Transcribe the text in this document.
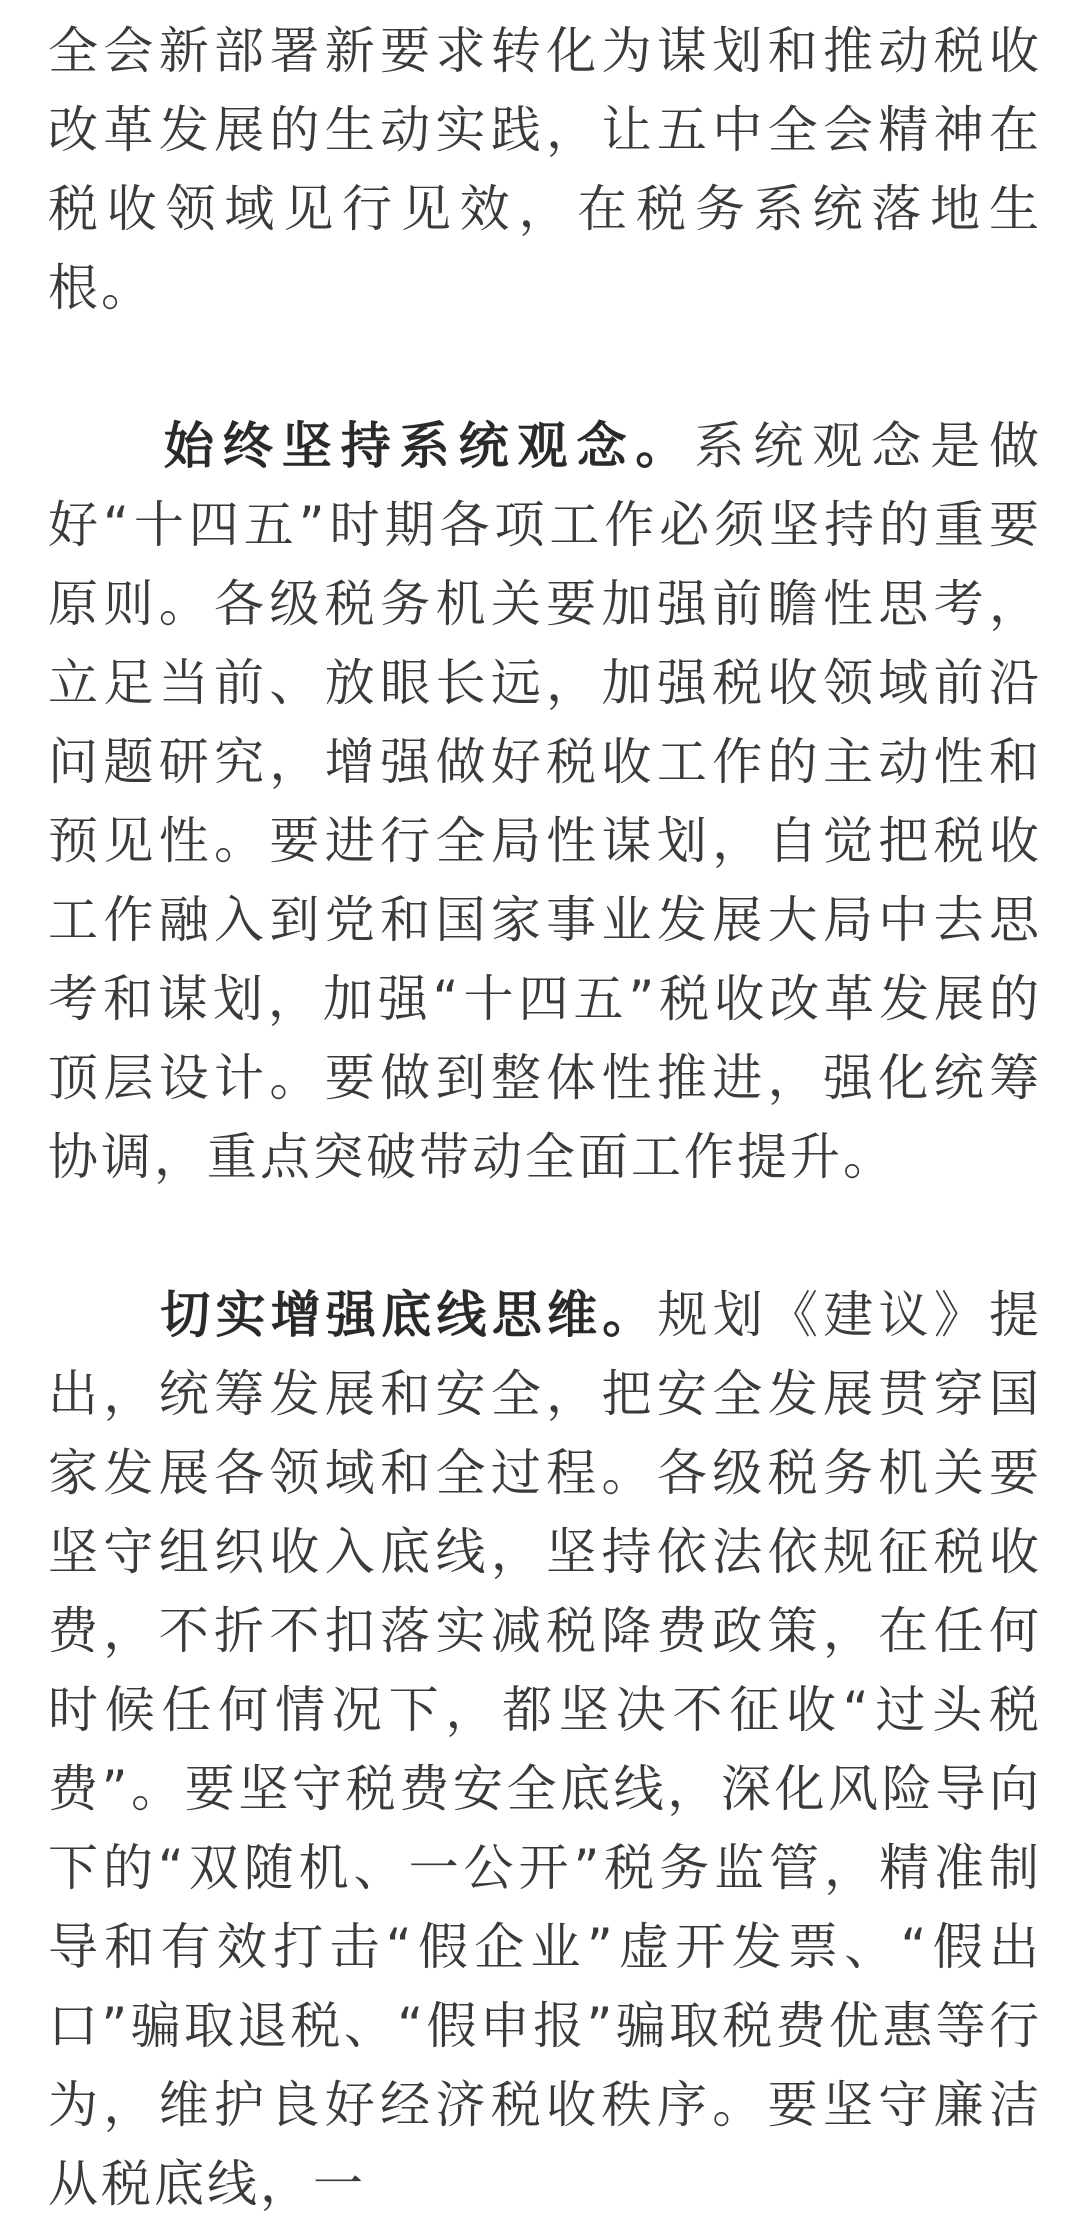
全会新部署新要求转化为谋划和推动税收改革发展的生动实践，让五中全会精神在税收领域见行见效，在税务系统落地生根。

始终坚持系统观念。系统观念是做好“十四五”时期各项工作必须坚持的重要原则。各级税务机关要加强前瞻性思考，立足当前、放眼长远，加强税收领域前沿问题研究，增强做好税收工作的主动性和预见性。要进行全局性谋划，自觉把税收工作融入到党和国家事业发展大局中去思考和谋划，加强“十四五”税收改革发展的顶层设计。要做到整体性推进，强化统筹协调，重点突破带动全面工作提升。

切实增强底线思维。规划《建议》提出，统筹发展和安全，把安全发展贯穿国家发展各领域和全过程。各级税务机关要坚守组织收入底线，坚持依法依规征税收费，不折不扣落实减税降费政策，在任何时候任何情况下，都坚决不征收“过头税费”。要坚守税费安全底线，深化风险导向下的“双随机、一公开”税务监管，精准制导和有效打击“假企业”虚开发票、“假出口”骗取退税、“假申报”骗取税费优惠等行为，维护良好经济税收秩序。要坚守廉洁从税底线，一
